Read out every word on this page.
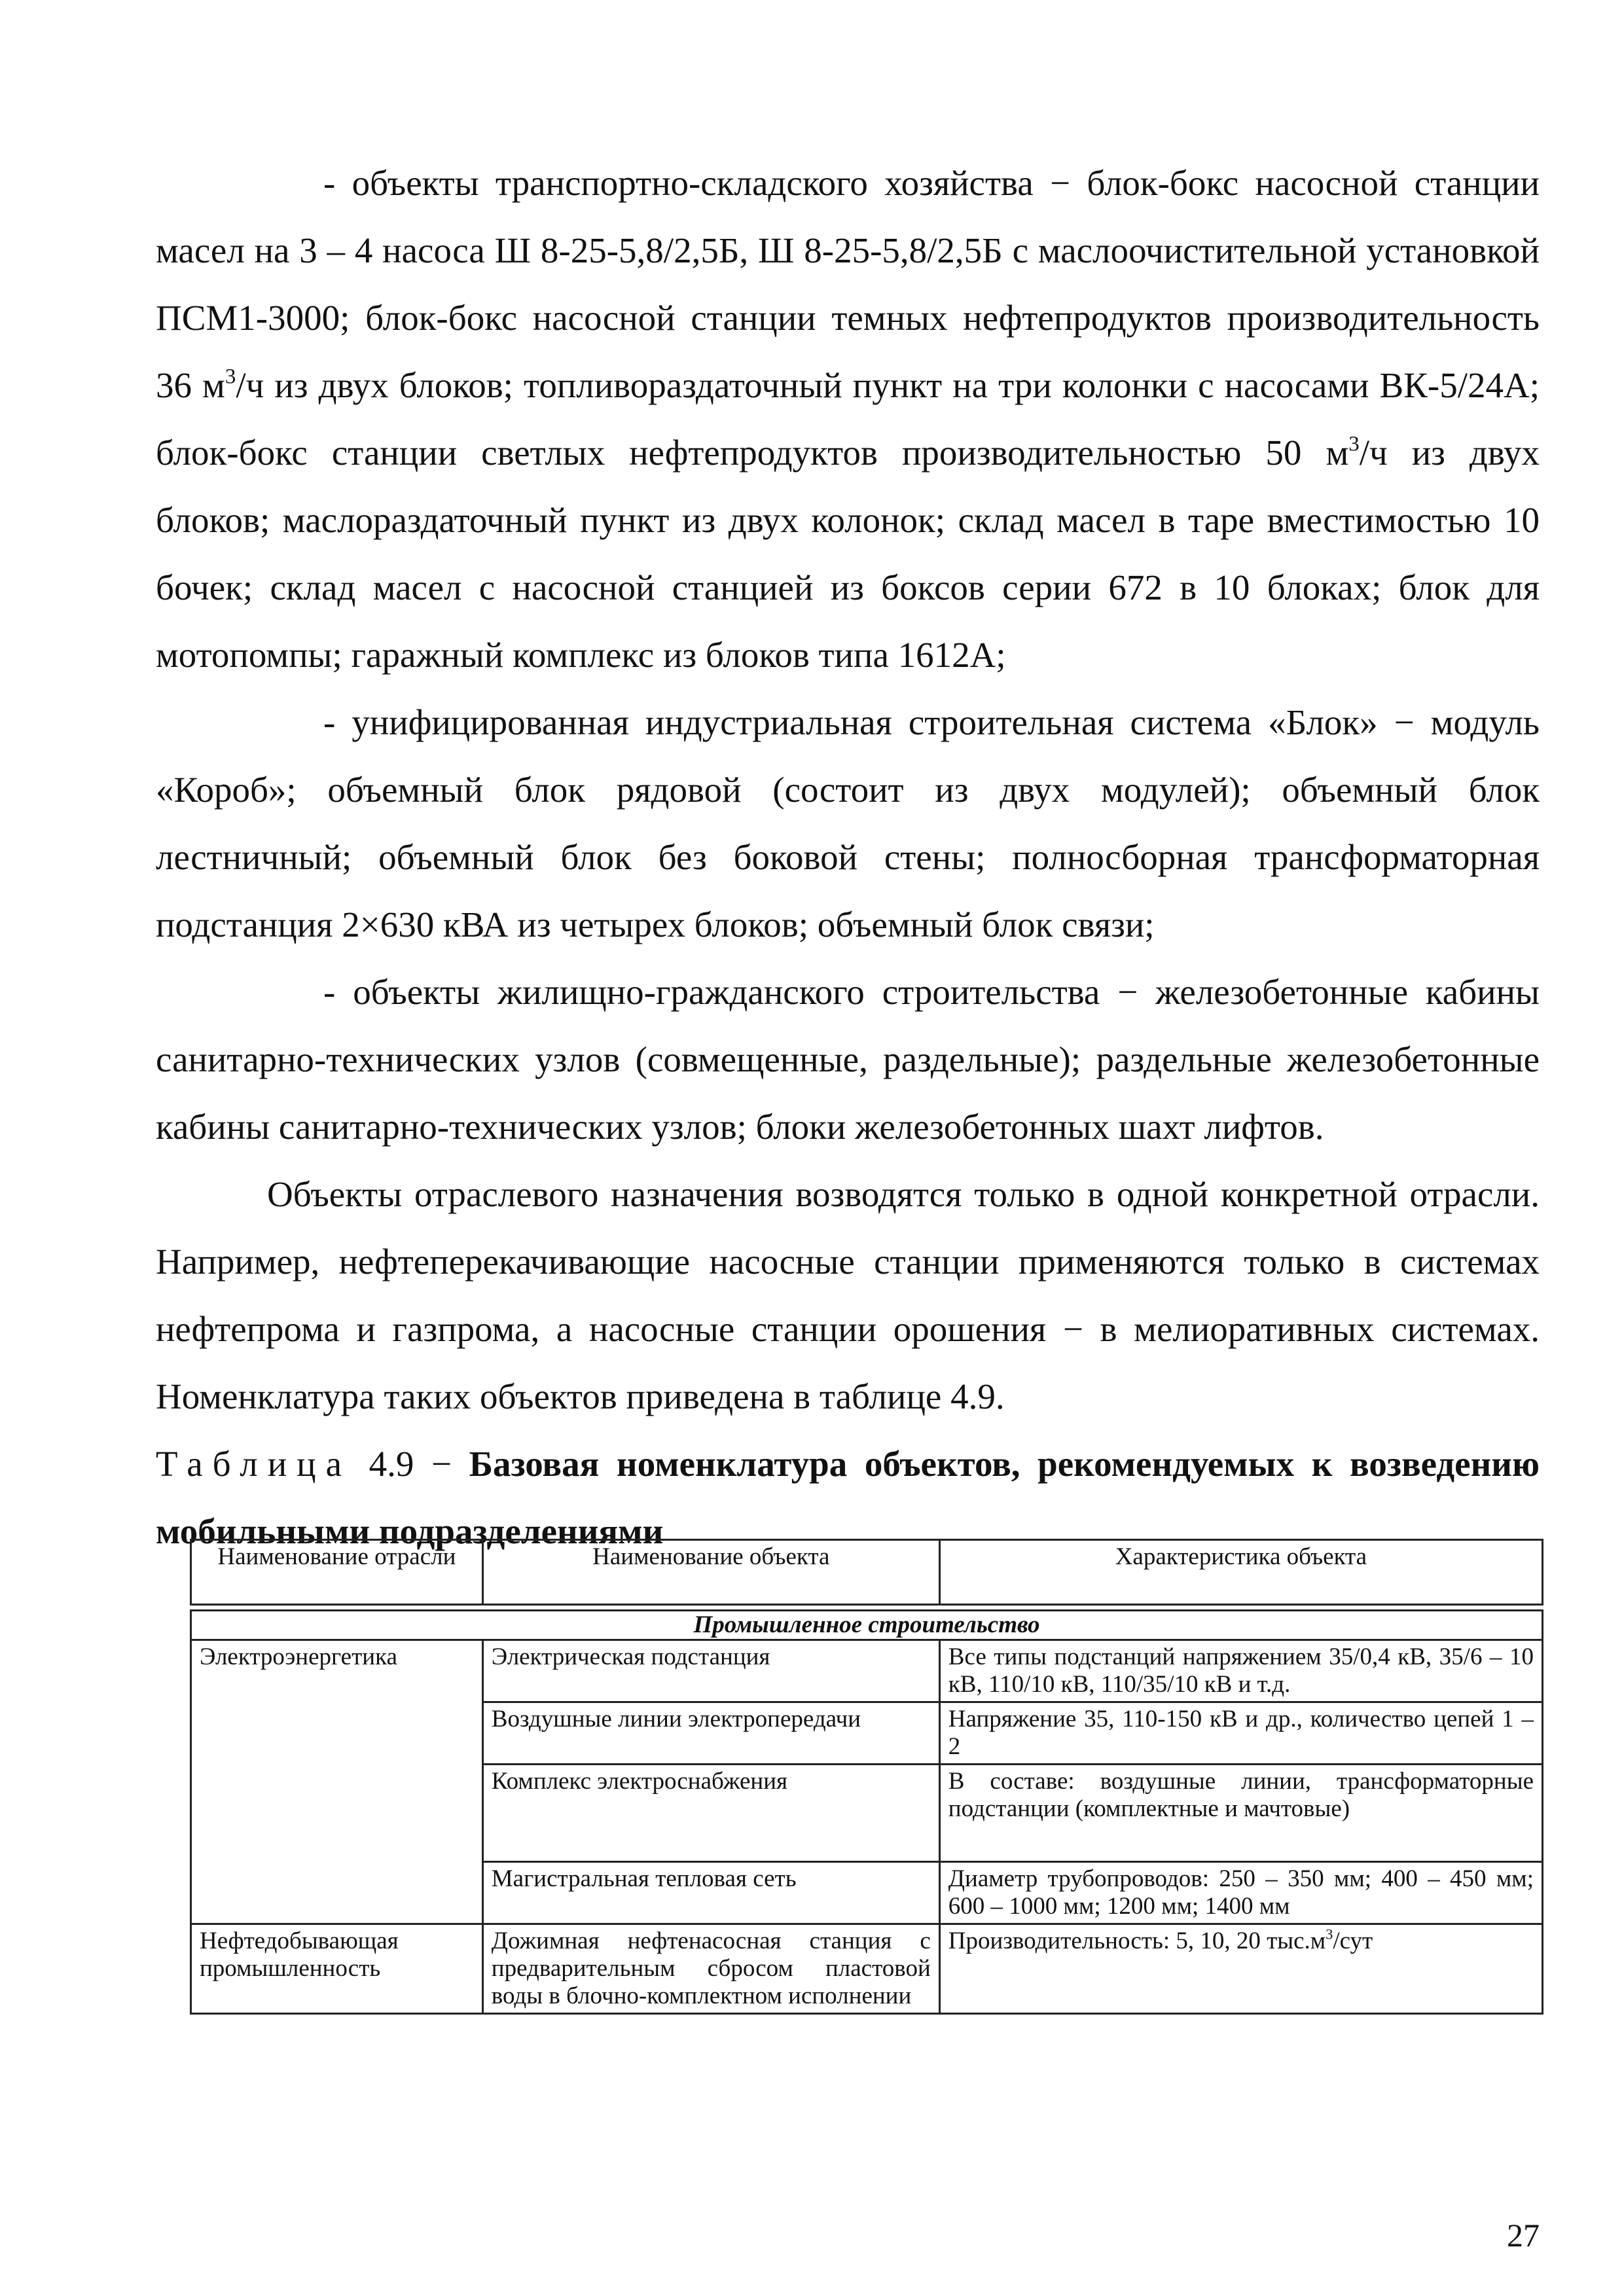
- объекты транспортно-складского хозяйства − блок-бокс насосной станции масел на 3 – 4 насоса Ш 8-25-5,8/2,5Б, Ш 8-25-5,8/2,5Б с маслоочистительной установкой ПСМ1-3000; блок-бокс насосной станции темных нефтепродуктов производительность 36 $м^3/ч$ из двух блоков; топливораздаточный пункт на три колонки с насосами ВК-5/24А; блок-бокс станции светлых нефтепродуктов производительностью 50 $м^3/ч$ из двух блоков; маслораздаточный пункт из двух колонок; склад масел в таре вместимостью 10 бочек; склад масел с насосной станцией из боксов серии 672 в 10 блоках; блок для мотопомпы; гаражный комплекс из блоков типа 1612А;

- унифицированная индустриальная строительная система «Блок» − модуль «Короб»; объемный блок рядовой (состоит из двух модулей); объемный блок лестничный; объемный блок без боковой стены; полносборная трансформаторная подстанция 2×630 кВА из четырех блоков; объемный блок связи;

- объекты жилищно-гражданского строительства − железобетонные кабины санитарно-технических узлов (совмещенные, раздельные); раздельные железобетонные кабины санитарно-технических узлов; блоки железобетонных шахт лифтов.

Объекты отраслевого назначения возводятся только в одной конкретной отрасли. Например, нефтеперекачивающие насосные станции применяются только в системах нефтепрома и газпрома, а насосные станции орошения − в мелиоративных системах. Номенклатура таких объектов приведена в таблице 4.9.

Таблица 4.9 − Базовая номенклатура объектов, рекомендуемых к возведению мобильными подразделениями

Наименование отрасли	Наименование объекта	Характеристика объекта

Промышленное строительство		
Электроэнергетика	Электрическая подстанция	Все типы подстанций напряжением 35/0,4 кВ, 35/6 – 10 кВ, 110/10 кВ, 110/35/10 кВ и т.д.
	Воздушные линии электропередачи	Напряжение 35, 110-150 кВ и др., количество цепей 1 – 2
	Комплекс электроснабжения	В составе: воздушные линии, трансформаторные подстанции (комплектные и мачтовые)
	Магистральная тепловая сеть	Диаметр трубопроводов: 250 – 350 мм; 400 – 450 мм; 600 – 1000 мм; 1200 мм; 1400 мм
Нефтедобывающая промышленность	Дожимная нефтенасосная станция с предварительным сбросом пластовой воды в блочно-комплектном исполнении	Производительность: 5, 10, 20 $тыс.м^3$/сут
27
